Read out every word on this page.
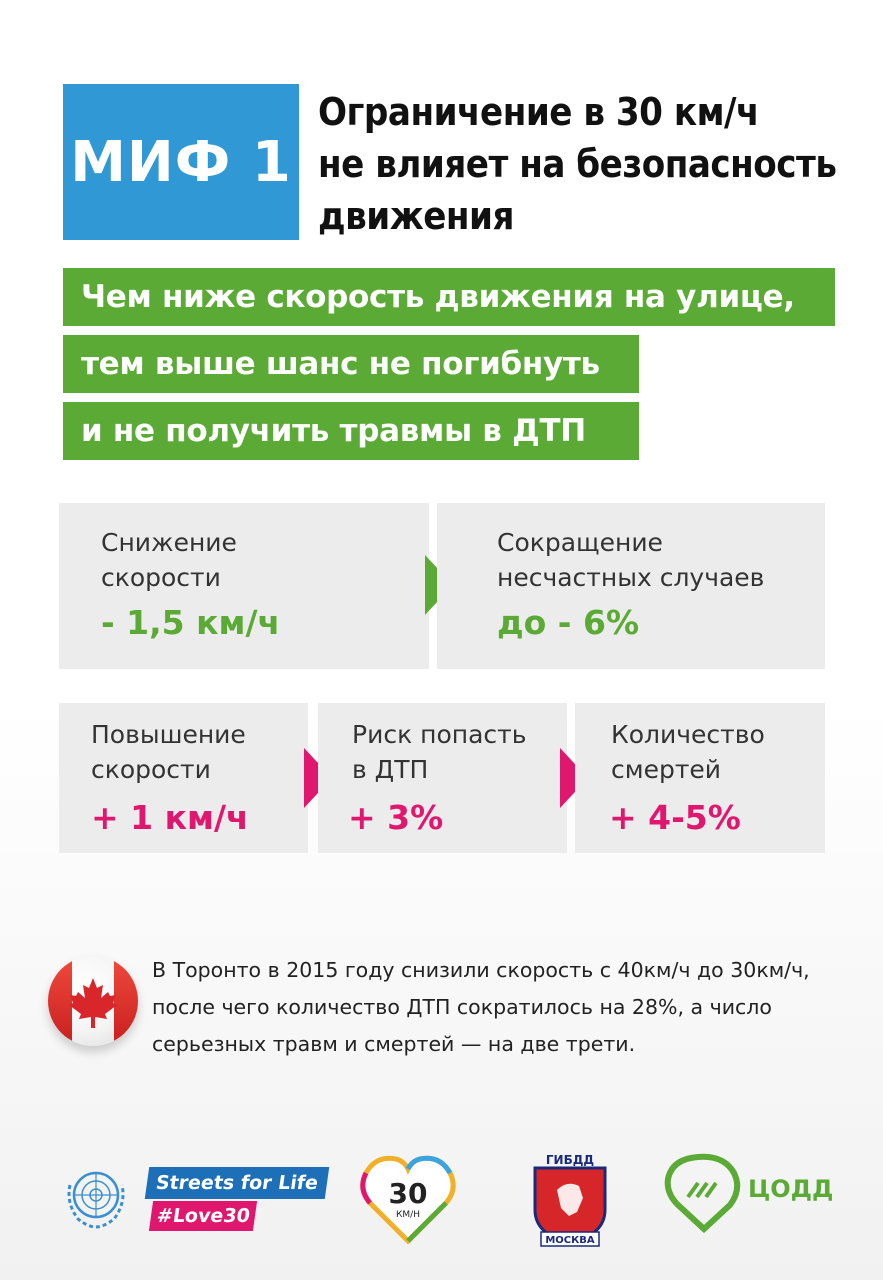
МИФ 1
Ограничение в 30 км/ч
не влияет на безопасность
движения
Чем ниже скорость движения на улице,
тем выше шанс не погибнуть
и не получить травмы в ДТП
Снижение
скорости
- 1,5 км/ч
Сокращение
несчастных случаев
до - 6%
Повышение
скорости
+ 1 км/ч
Риск попасть
в ДТП
+ 3%
Количество
смертей
+ 4-5%
В Торонто в 2015 году снизили скорость с 40км/ч до 30км/ч,
после чего количество ДТП сократилось на 28%, а число
серьезных травм и смертей — на две трети.
Streets for Life
#Love30
30
КМ/Н
ГИБДД
МОСКВА
ЦОДД
